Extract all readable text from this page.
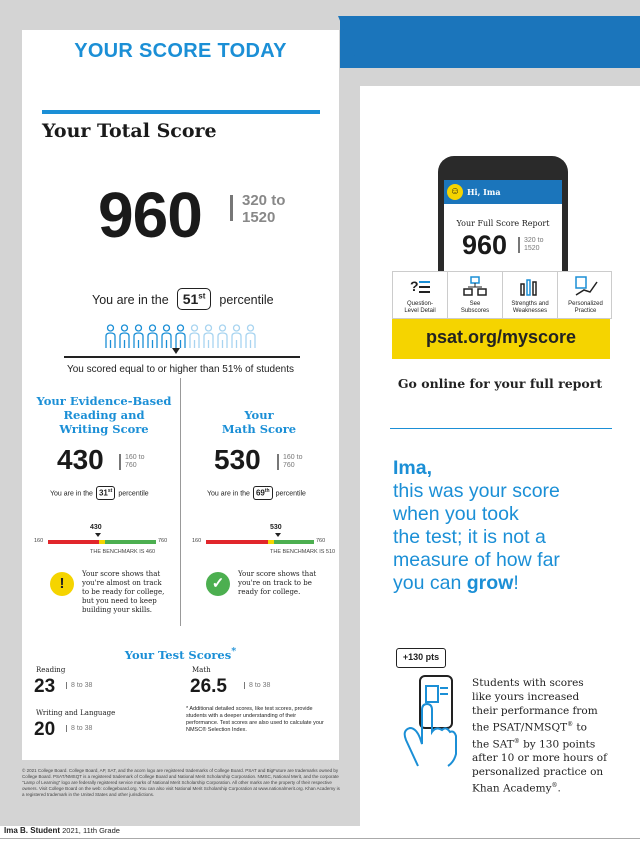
YOUR SCORE TODAY
Your Total Score
960	320 to
1520
You are in the 51st percentile
You scored equal to or higher than 51% of students
Your Evidence-Based
Reading and
Writing Score
430	160 to
760
You are in the 31st percentile
430
160	760
THE BENCHMARK IS 460
!
Your score shows that
you're almost on track
to be ready for college,
but you need to keep
building your skills.
Your
Math Score
530	160 to
760
You are in the 69th percentile
530
160	760
THE BENCHMARK IS 510
✓
Your score shows that
you're on track to be
ready for college.
Your Test Scores*
Reading
23	8 to 38
Writing and Language
20	8 to 38
Math
26.5	8 to 38
* Additional detailed scores, like test scores, provide students with a deeper understanding of their performance. Test scores are also used to calculate your NMSC® Selection Index.
© 2021 College Board. College Board, AP, SAT, and the acorn logo are registered trademarks of College Board. PSAT and BigFuture are trademarks owned by College Board. PSAT/NMSQT is a registered trademark of College Board and National Merit Scholarship Corporation. NMSC, National Merit, and the corporate "Lamp of Learning" logo are federally registered service marks of National Merit Scholarship Corporation. All other marks are the property of their respective owners. Visit College Board on the web: collegeboard.org. You can also visit National Merit Scholarship Corporation at www.nationalmerit.org. Khan Academy is a registered trademark in the United States and other jurisdictions.
Ima B. Student 2021, 11th Grade
☺ Hi, Ima
Your Full Score Report
960 320 to
1520
?
Question-
Level Detail
See
Subscores
Strengths and
Weaknesses
Personalized
Practice
psat.org/myscore
Go online for your full report
Ima,
this was your score
when you took
the test; it is not a
measure of how far
you can grow!
+130 pts
Students with scores
like yours increased
their performance from
the PSAT/NMSQT® to
the SAT® by 130 points
after 10 or more hours of
personalized practice on
Khan Academy®.
